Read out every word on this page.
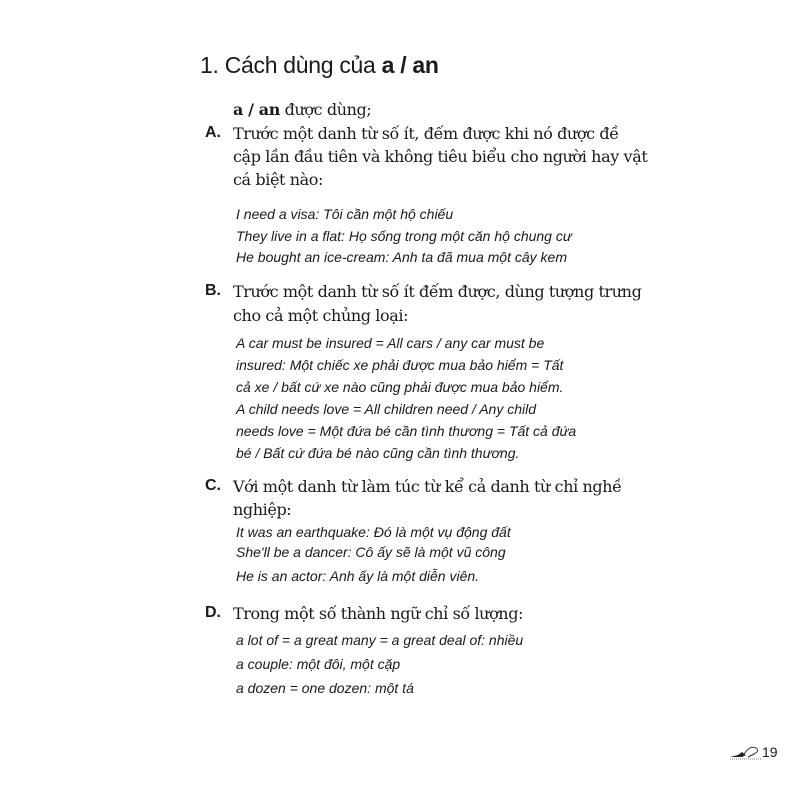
1. Cách dùng của a / an
a / an được dùng;
A. Trước một danh từ số ít, đếm được khi nó được đề
cập lần đầu tiên và không tiêu biểu cho người hay vật
cá biệt nào:
I need a visa: Tôi cần một hộ chiếu
They live in a flat: Họ sống trong một căn hộ chung cư
He bought an ice-cream: Anh ta đã mua một cây kem
B. Trước một danh từ số ít đếm được, dùng tượng trưng
cho cả một chủng loại:
A car must be insured = All cars / any car must be
insured: Một chiếc xe phải được mua bảo hiểm = Tất
cả xe / bất cứ xe nào cũng phải được mua bảo hiểm.
A child needs love = All children need / Any child
needs love = Một đứa bé cần tình thương = Tất cả đứa
bé / Bất cứ đứa bé nào cũng cần tình thương.
C. Với một danh từ làm túc từ kể cả danh từ chỉ nghề
nghiệp:
It was an earthquake: Đó là một vụ động đất
She'll be a dancer: Cô ấy sẽ là một vũ công
He is an actor: Anh ấy là một diễn viên.
D. Trong một số thành ngữ chỉ số lượng:
a lot of = a great many = a great deal of: nhiều
a couple: một đôi, một cặp
a dozen = one dozen: một tá
19
